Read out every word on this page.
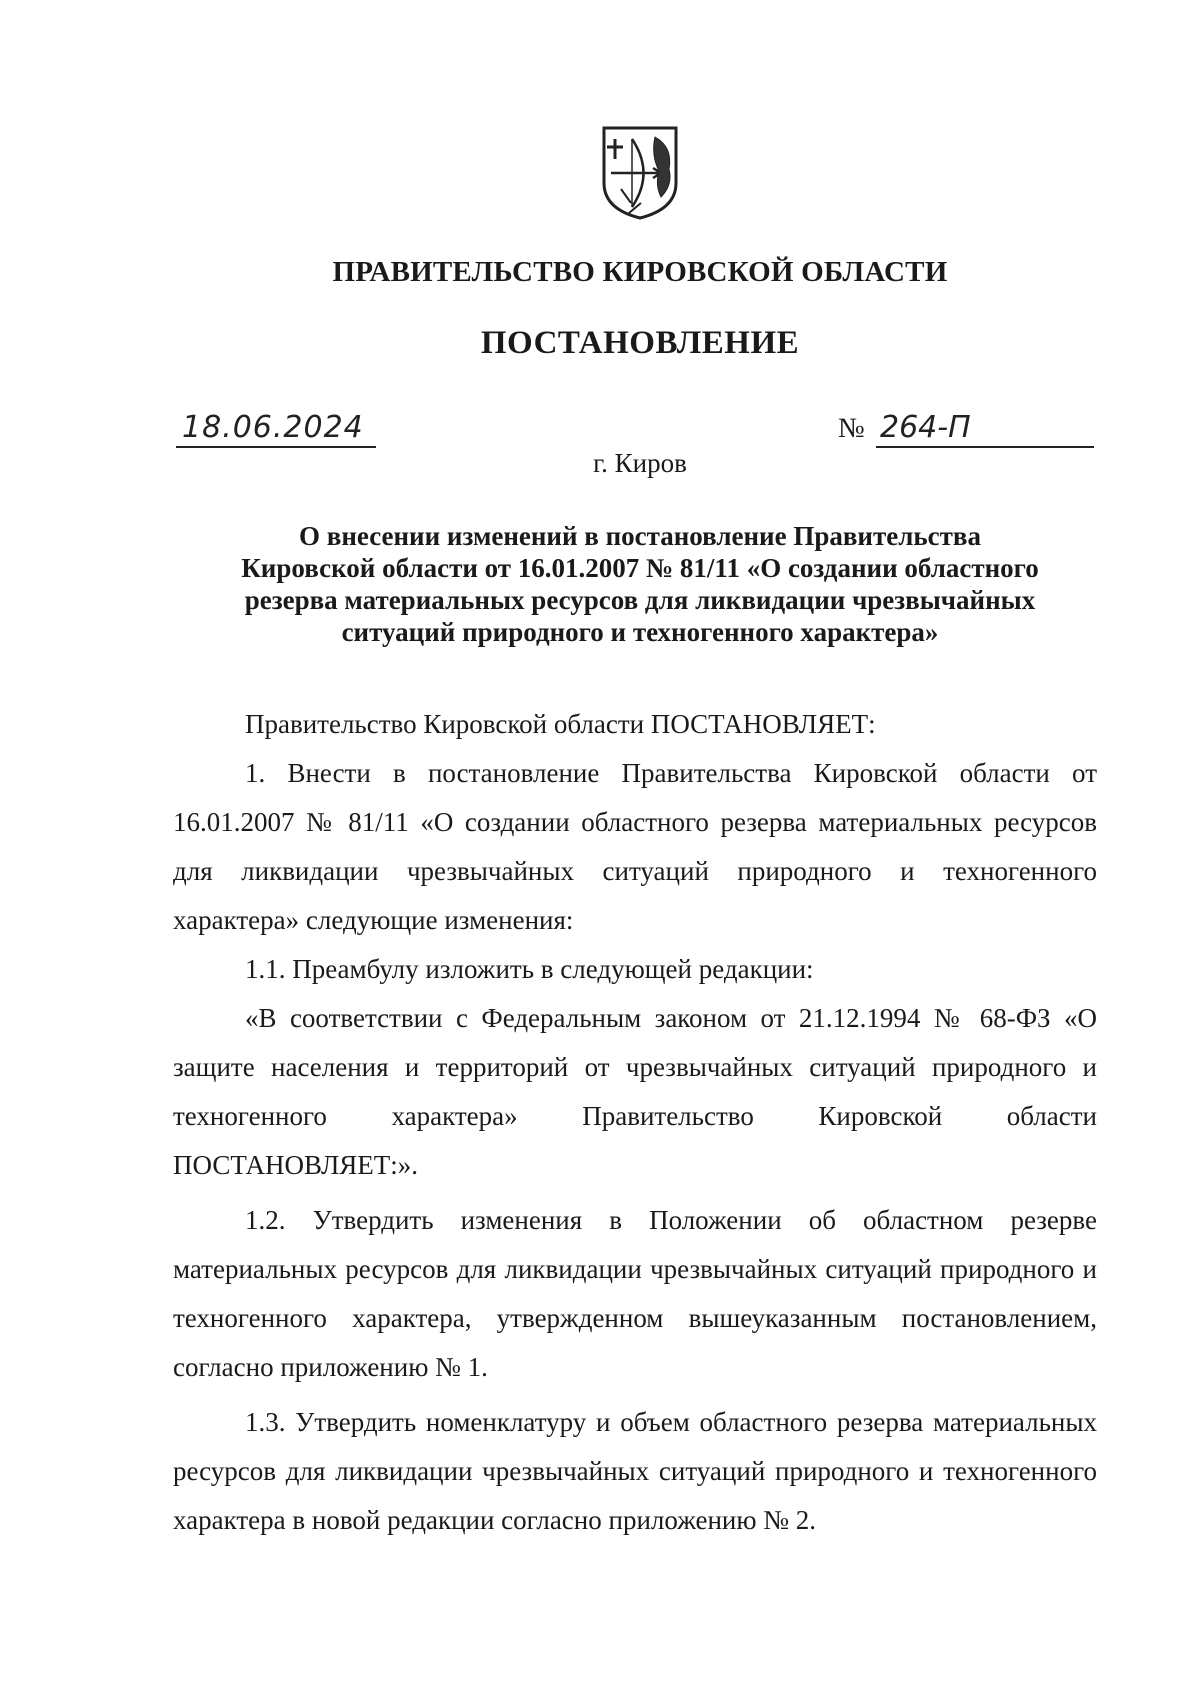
ПРАВИТЕЛЬСТВО КИРОВСКОЙ ОБЛАСТИ
ПОСТАНОВЛЕНИЕ
18.06.2024	№ 264-П
г. Киров
О внесении изменений в постановление Правительства
Кировской области от 16.01.2007 № 81/11 «О создании областного
резерва материальных ресурсов для ликвидации чрезвычайных
ситуаций природного и техногенного характера»

Правительство Кировской области ПОСТАНОВЛЯЕТ:

1. Внести в постановление Правительства Кировской области от 16.01.2007 № 81/11 «О создании областного резерва материальных ресурсов для ликвидации чрезвычайных ситуаций природного и техногенного характера» следующие изменения:

1.1. Преамбулу изложить в следующей редакции:

«В соответствии с Федеральным законом от 21.12.1994 № 68-ФЗ «О защите населения и территорий от чрезвычайных ситуаций природного и техногенного характера» Правительство Кировской области ПОСТАНОВЛЯЕТ:».

1.2. Утвердить изменения в Положении об областном резерве материальных ресурсов для ликвидации чрезвычайных ситуаций природного и техногенного характера, утвержденном вышеуказанным постановлением, согласно приложению № 1.

1.3. Утвердить номенклатуру и объем областного резерва материальных ресурсов для ликвидации чрезвычайных ситуаций природного и техногенного характера в новой редакции согласно приложению № 2.
